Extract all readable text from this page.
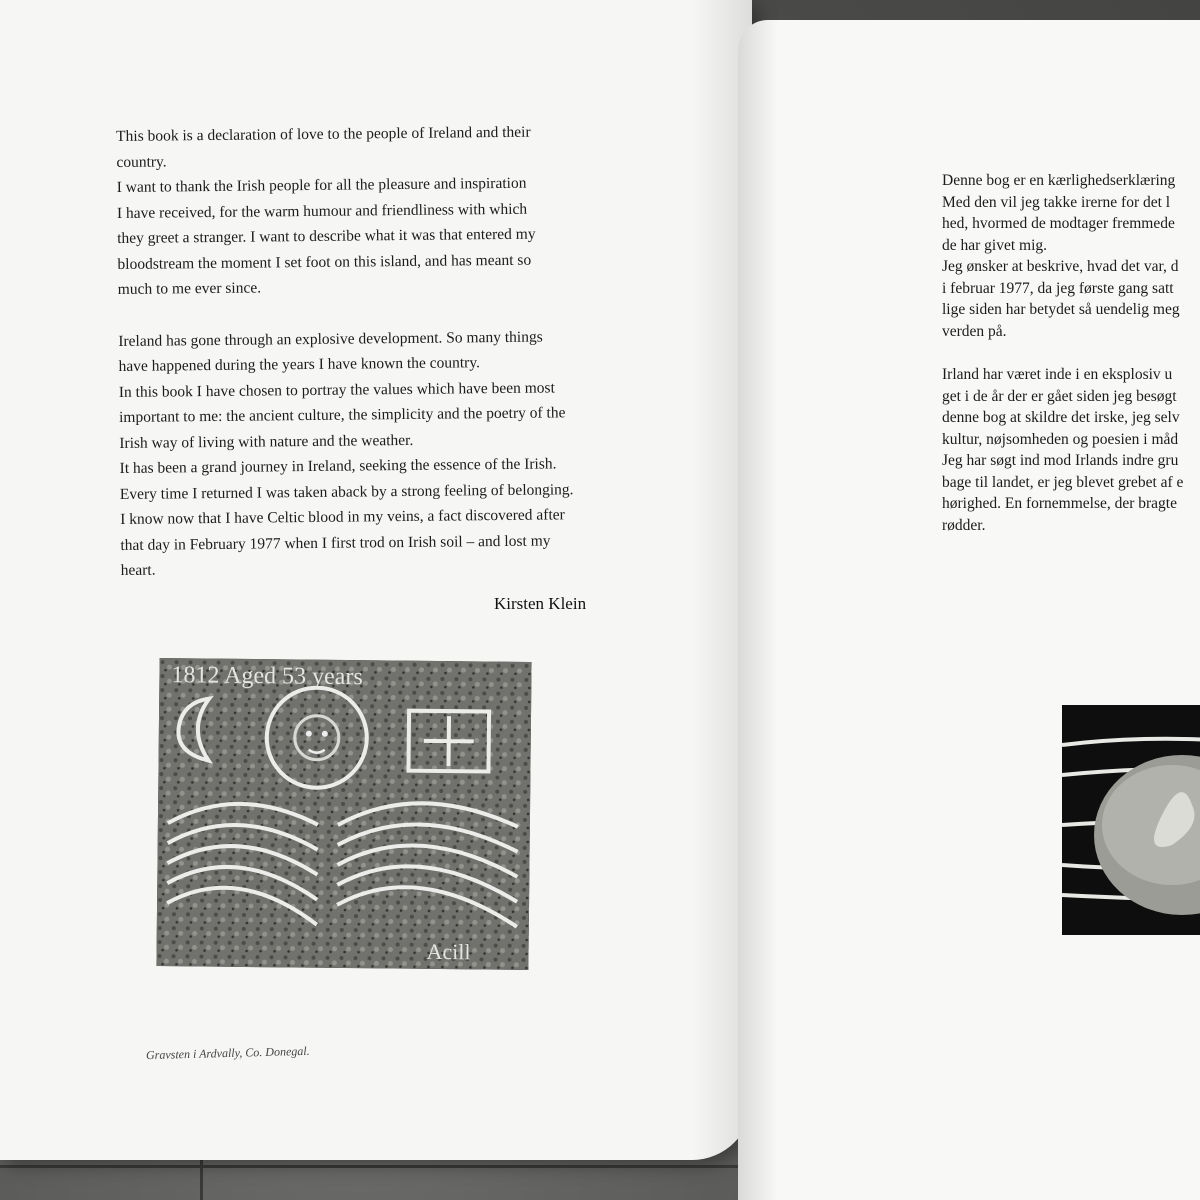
This book is a declaration of love to the people of Ireland and their

country.

I want to thank the Irish people for all the pleasure and inspiration

I have received, for the warm humour and friendliness with which

they greet a stranger. I want to describe what it was that entered my

bloodstream the moment I set foot on this island, and has meant so

much to me ever since.

Ireland has gone through an explosive development. So many things

have happened during the years I have known the country.

In this book I have chosen to portray the values which have been most

important to me: the ancient culture, the simplicity and the poetry of the

Irish way of living with nature and the weather.

It has been a grand journey in Ireland, seeking the essence of the Irish.

Every time I returned I was taken aback by a strong feeling of belonging.

I know now that I have Celtic blood in my veins, a fact discovered after

that day in February 1977 when I first trod on Irish soil – and lost my

heart.

Kirsten Klein
1812 Aged 53 years
Acill
Gravsten i Ardvally, Co. Donegal.

Denne bog er en kærlighedserklæring

Med den vil jeg takke irerne for det l

hed, hvormed de modtager fremmede

de har givet mig.

Jeg ønsker at beskrive, hvad det var, d

i februar 1977, da jeg første gang satt

lige siden har betydet så uendelig meg

verden på.

Irland har været inde i en eksplosiv u

get i de år der er gået siden jeg besøgt

denne bog at skildre det irske, jeg selv

kultur, nøjsomheden og poesien i måd

Jeg har søgt ind mod Irlands indre gru

bage til landet, er jeg blevet grebet af e

hørighed. En fornemmelse, der bragte

rødder.
